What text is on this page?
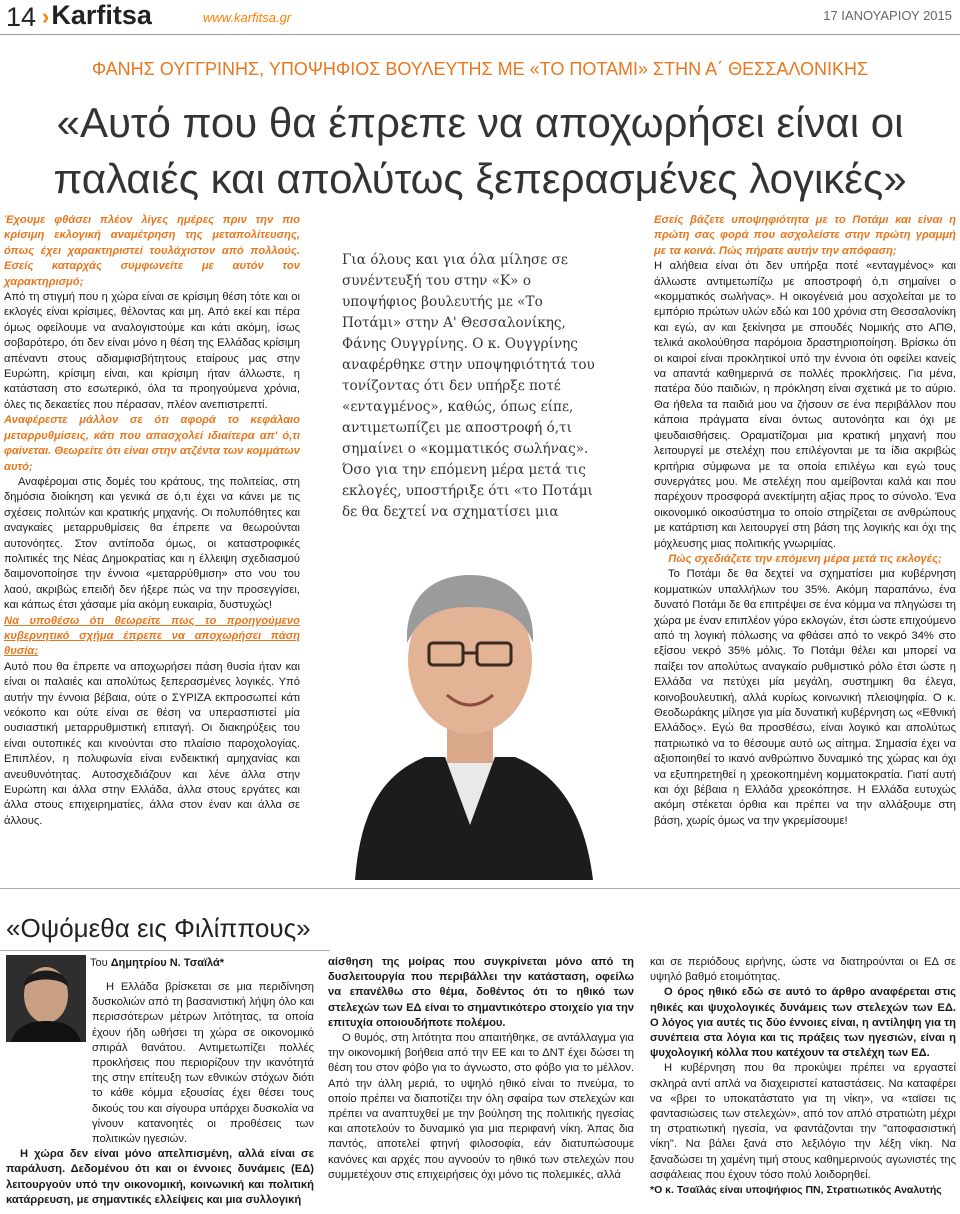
14 ›Karfitsa	www.karfitsa.gr	17 ΙΑΝΟΥΑΡΙΟΥ 2015
ΦΑΝΗΣ ΟΥΓΓΡΙΝΗΣ, ΥΠΟΨΗΦΙΟΣ ΒΟΥΛΕΥΤΗΣ ΜΕ «ΤΟ ΠΟΤΑΜΙ» ΣΤΗΝ Α΄ ΘΕΣΣΑΛΟΝΙΚΗΣ
«Αυτό που θα έπρεπε να αποχωρήσει είναι οι
παλαιές και απολύτως ξεπερασμένες λογικές»

Έχουμε φθάσει πλέον λίγες ημέρες πριν την πιο κρίσιμη εκλογική αναμέτρηση της μεταπολίτευσης, όπως έχει χαρακτηριστεί τουλάχιστον από πολλούς. Εσείς καταρχάς συμφωνείτε με αυτόν τον χαρακτηρισμό;

Από τη στιγμή που η χώρα είναι σε κρίσιμη θέση τότε και οι εκλογές είναι κρίσιμες, θέλοντας και μη. Από εκεί και πέρα όμως οφείλουμε να αναλογιστούμε και κάτι ακόμη, ίσως σοβαρότερο, ότι δεν είναι μόνο η θέση της Ελλάδας κρίσιμη απέναντι στους αδιαμφισβήτητους εταίρους μας στην Ευρώπη, κρίσιμη είναι, και κρίσιμη ήταν άλλωστε, η κατάσταση στο εσωτερικό, όλα τα προηγούμενα χρόνια, όλες τις δεκαετίες που πέρασαν, πλέον ανεπιστρεπτί.

Αναφέρεστε μάλλον σε ότι αφορά το κεφάλαιο μεταρρυθμίσεις, κάτι που απασχολεί ιδιαίτερα απ' ό,τι φαίνεται. Θεωρείτε ότι είναι στην ατζέντα των κομμάτων αυτό;

Αναφέρομαι στις δομές του κράτους, της πολιτείας, στη δημόσια διοίκηση και γενικά σε ό,τι έχει να κάνει με τις σχέσεις πολιτών και κρατικής μηχανής. Οι πολυπόθητες και αναγκαίες μεταρρυθμίσεις θα έπρεπε να θεωρούνται αυτονόητες. Στον αντίποδα όμως, οι καταστροφικές πολιτικές της Νέας Δημοκρατίας και η έλλειψη σχεδιασμού δαιμονοποίησε την έννοια «μεταρρύθμιση» στο νου του λαού, ακριβώς επειδή δεν ήξερε πώς να την προσεγγίσει, και κάπως έτσι χάσαμε μία ακόμη ευκαιρία, δυστυχώς!

Να υποθέσω ότι θεωρείτε πως το προηγούμενο κυβερνητικό σχήμα έπρεπε να αποχωρήσει πάση θυσία;

Αυτό που θα έπρεπε να αποχωρήσει πάση θυσία ήταν και είναι οι παλαιές και απολύτως ξεπερασμένες λογικές. Υπό αυτήν την έννοια βέβαια, ούτε ο ΣΥΡΙΖΑ εκπροσωπεί κάτι νεόκοπο και ούτε είναι σε θέση να υπερασπιστεί μία ουσιαστική μεταρρυθμιστική επιταγή. Οι διακηρύξεις του είναι ουτοπικές και κινούνται στο πλαίσιο παροχολογίας. Επιπλέον, η πολυφωνία είναι ενδεικτική αμηχανίας και ανευθυνότητας. Αυτοσχεδιάζουν και λένε άλλα στην Ευρώπη και άλλα στην Ελλάδα, άλλα στους εργάτες και άλλα στους επιχειρηματίες, άλλα στον έναν και άλλα σε άλλους.

Για όλους και για όλα μίλησε σε συνέντευξή του στην «Κ» ο υποψήφιος βουλευτής με «Το Ποτάμι» στην Α' Θεσσαλονίκης, Φάνης Ουγγρίνης. Ο κ. Ουγγρίνης αναφέρθηκε στην υποψηφιότητά του τονίζοντας ότι δεν υπήρξε ποτέ «ενταγμένος», καθώς, όπως είπε, αντιμετωπίζει με αποστροφή ό,τι σημαίνει ο «κομματικός σωλήνας». Όσο για την επόμενη μέρα μετά τις εκλογές, υποστήριξε ότι «το Ποτάμι δε θα δεχτεί να σχηματίσει μια

Εσείς βάζετε υποψηφιότητα με το Ποτάμι και είναι η πρώτη σας φορά που ασχολείστε στην πρώτη γραμμή με τα κοινά. Πώς πήρατε αυτήν την απόφαση;

Η αλήθεια είναι ότι δεν υπήρξα ποτέ «ενταγμένος» και άλλωστε αντιμετωπίζω με αποστροφή ό,τι σημαίνει ο «κομματικός σωλήνας». Η οικογένειά μου ασχολείται με το εμπόριο πρώτων υλών εδώ και 100 χρόνια στη Θεσσαλονίκη και εγώ, αν και ξεκίνησα με σπουδές Νομικής στο ΑΠΘ, τελικά ακολούθησα παρόμοια δραστηριοποίηση. Βρίσκω ότι οι καιροί είναι προκλητικοί υπό την έννοια ότι οφείλει κανείς να απαντά καθημερινά σε πολλές προκλήσεις. Για μένα, πατέρα δύο παιδιών, η πρόκληση είναι σχετικά με το αύριο. Θα ήθελα τα παιδιά μου να ζήσουν σε ένα περιβάλλον που κάποια πράγματα είναι όντως αυτονόητα και όχι με ψευδαισθήσεις. Οραματίζομαι μια κρατική μηχανή που λειτουργεί με στελέχη που επιλέγονται με τα ίδια ακριβώς κριτήρια σύμφωνα με τα οποία επιλέγω και εγώ τους συνεργάτες μου. Με στελέχη που αμείβονται καλά και που παρέχουν προσφορά ανεκτίμητη αξίας προς το σύνολο. Ένα οικονομικό οικοσύστημα το οποίο στηρίζεται σε ανθρώπους με κατάρτιση και λειτουργεί στη βάση της λογικής και όχι της μόχλευσης μιας πολιτικής γνωριμίας.

Πώς σχεδιάζετε την επόμενη μέρα μετά τις εκλογές;

Το Ποτάμι δε θα δεχτεί να σχηματίσει μια κυβέρνηση κομματικών υπαλλήλων του 35%. Ακόμη παραπάνω, ένα δυνατό Ποτάμι δε θα επιτρέψει σε ένα κόμμα να πληγώσει τη χώρα με έναν επιπλέον γύρο εκλογών, έτσι ώστε επιχούμενο από τη λογική πόλωσης να φθάσει από το νεκρό 34% στο εξίσου νεκρό 35% μόλις. Το Ποτάμι θέλει και μπορεί να παίξει τον απολύτως αναγκαίο ρυθμιστικό ρόλο έτσι ώστε η Ελλάδα να πετύχει μία μεγάλη, συστημικη θα έλεγα, κοινοβουλευτική, αλλά κυρίως κοινωνική πλειοψηφία. Ο κ. Θεοδωράκης μίλησε για μία δυνατική κυβέρνηση ως «Εθνική Ελλάδος». Εγώ θα προσθέσω, είναι λογικό και απολύτως πατριωτικό να το θέσουμε αυτό ως αίτημα. Σημασία έχει να αξιοποιηθεί το ικανό ανθρώπινο δυναμικό της χώρας και όχι να εξυπηρετηθεί η χρεοκοπημένη κομματοκρατία. Γιατί αυτή και όχι βέβαια η Ελλάδα χρεοκόπησε. Η Ελλάδα ευτυχώς ακόμη στέκεται όρθια και πρέπει να την αλλάξουμε στη βάση, χωρίς όμως να την γκρεμίσουμε!

«Οψόμεθα εις Φιλίππους»
Του Δημητρίου Ν. Τσαϊλά*

Η Ελλάδα βρίσκεται σε μια περιδίνηση δυσκολιών από τη βασανιστική λήψη όλο και περισσότερων μέτρων λιτότητας, τα οποία έχουν ήδη ωθήσει τη χώρα σε οικονομικό σπιράλ θανάτου. Αντιμετωπίζει πολλές προκλήσεις που περιορίζουν την ικανότητά της στην επίτευξη των εθνικών στόχων διότι το κάθε κόμμα εξουσίας έχει θέσει τους δικούς του και σίγουρα υπάρχει δυσκολία να γίνουν κατανοητές οι προθέσεις των πολιτικών ηγεσιών.

Η χώρα δεν είναι μόνο απελπισμένη, αλλά είναι σε παράλυση. Δεδομένου ότι και οι έννοιες δυνάμεις (ΕΔ) λειτουργούν υπό την οικονομική, κοινωνική και πολιτική κατάρρευση, με σημαντικές ελλείψεις και μια συλλογική

αίσθηση της μοίρας που συγκρίνεται μόνο από τη δυσλειτουργία που περιβάλλει την κατάσταση, οφείλω να επανέλθω στο θέμα, δοθέντος ότι το ηθικό των στελεχών των ΕΔ είναι το σημαντικότερο στοιχείο για την επιτυχία οποιουδήποτε πολέμου.

Ο θυμός, στη λιτότητα που απαιτήθηκε, σε αντάλλαγμα για την οικονομική βοήθεια από την ΕΕ και το ΔΝΤ έχει δώσει τη θέση του στον φόβο για το άγνωστο, στο φόβο για το μέλλον. Από την άλλη μεριά, το υψηλό ηθικό είναι το πνεύμα, το οποίο πρέπει να διαποτίζει την όλη σφαίρα των στελεχών και πρέπει να αναπτυχθεί με την βούληση της πολιτικής ηγεσίας και αποτελούν το δυναμικό για μια περιφανή νίκη. Άπας δια παντός, αποτελεί φτηνή φιλοσοφία, εάν διατυπώσουμε κανόνες και αρχές που αγνοούν το ηθικό των στελεχών που συμμετέχουν στις επιχειρήσεις όχι μόνο τις πολεμικές, αλλά

και σε περιόδους ειρήνης, ώστε να διατηρούνται οι ΕΔ σε υψηλό βαθμό ετοιμότητας.

Ο όρος ηθικό εδώ σε αυτό το άρθρο αναφέρεται στις ηθικές και ψυχολογικές δυνάμεις των στελεχών των ΕΔ. Ο λόγος για αυτές τις δύο έννοιες είναι, η αντίληψη για τη συνέπεια στα λόγια και τις πράξεις των ηγεσιών, είναι η ψυχολογική κόλλα που κατέχουν τα στελέχη των ΕΔ.

Η κυβέρνηση που θα προκύψει πρέπει να εργαστεί σκληρά αντί απλά να διαχειριστεί καταστάσεις. Να καταφέρει να «βρει το υποκατάστατο για τη νίκη», να «ταϊσει τις φαντασιώσεις των στελεχών», από τον απλό στρατιώτη μέχρι τη στρατιωτική ηγεσία, να φαντάζονται την "αποφασιστική νίκη". Να βάλει ξανά στο λεξιλόγιο την λέξη νίκη. Να ξαναδώσει τη χαμένη τιμή στους καθημερινούς αγωνιστές της ασφάλειας που έχουν τόσο πολύ λοιδορηθεί.

*Ο κ. Τσαϊλάς είναι υποψήφιος ΠΝ, Στρατιωτικός Αναλυτής
